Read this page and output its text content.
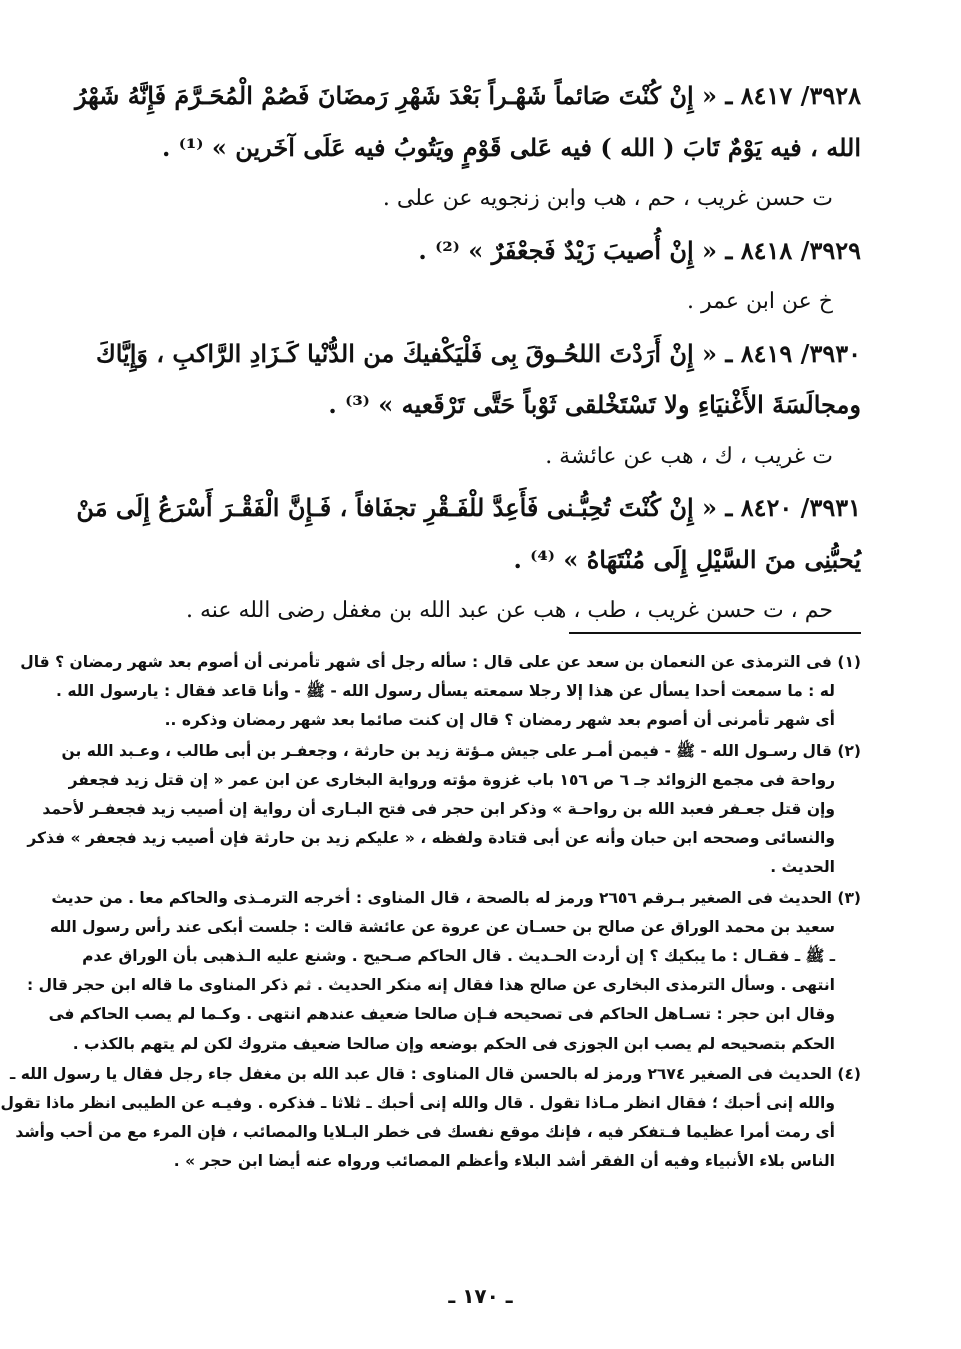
٣٩٢٨/ ٨٤١٧ ـ « إِنْ كُنْتَ صَائماً شَهْـراً بَعْدَ شَهْرِ رَمضَانَ فَصُمْ الْمُحَـرَّمَ فَإِنَّهُ شَهْرُ
الله ، فيه يَوْمٌ تَابَ ( الله ) فيه عَلى قَوْمٍ ويَتُوبُ فيه عَلَى آخَرين » ⁽¹⁾ .
ت حسن غريب ، حم ، هب وابن زنجويه عن على .
٣٩٢٩/ ٨٤١٨ ـ « إِنْ أُصيبَ زَيْدٌ فَجعْفَرٌ » ⁽²⁾ .
خ عن ابن عمر .
٣٩٣٠/ ٨٤١٩ ـ « إِنْ أَرَدْتَ اللحُـوقَ بِى فَلْيَكْفيكَ من الدُّنْيا كَـزَادِ الرَّاكبِ ، وَإِيَّاكَ
ومجالَسَةَ الأَغْنيَاءِ ولا تَسْتَخْلقى ثَوْباً حَتَّى تَرْقَعيه » ⁽³⁾ .
ت غريب ، ك ، هب عن عائشة .
٣٩٣١/ ٨٤٢٠ ـ « إِنْ كُنْتَ تُحِبُّـنى فَأَعِدَّ للْفَـقْرِ تجفَافاً ، فَـإِنَّ الْفَقْـرَ أَسْرَعُ إِلَى مَنْ
يُحبُّنِى منَ السَّيْلِ إِلَى مُنْتَهَاهُ » ⁽⁴⁾ .
حم ، ت حسن غريب ، طب ، هب عن عبد الله بن مغفل رضى الله عنه .
(١) فى الترمذى عن النعمان بن سعد عن على قال : سأله رجل أى شهر تأمرنى أن أصوم بعد شهر رمضان ؟ قال
له : ما سمعت أحدا يسأل عن هذا إلا رجلا سمعته يسأل رسول الله - ﷺ - وأنا قاعد فقال : يارسول الله .
أى شهر تأمرنى أن أصوم بعد شهر رمضان ؟ قال إن كنت صائما بعد شهر رمضان وذكره ..
(٢) قال رسـول الله - ﷺ - فيمن أمـر على جيش مـؤتة زيد بن حارثة ، وجعفـر بن أبى طالب ، وعـبد الله بن
رواحة فى مجمع الزوائد جـ ٦ ص ١٥٦ باب غزوة مؤته ورواية البخارى عن ابن عمر « إن قتل زيد فجعفر
وإن قتل جعـفر فعبد الله بن رواحـة » وذكر ابن حجر فى فتح البـارى أن رواية إن أصيب زيد فجعفـر لأحمد
والنسائى وصححه ابن حبان وأنه عن أبى قتادة ولفظه ، « عليكم زيد بن حارثة فإن أصيب زيد فجعفر » فذكر
الحديث .
(٣) الحديث فى الصغير بـرقم ٢٦٥٦ ورمز له بالصحة ، قال المناوى : أخرجه الترمـذى والحاكم معا . من حديث
سعيد بن محمد الوراق عن صالح بن حسـان عن عروة عن عائشة قالت : جلست أبكى عند رأس رسول الله
ـ ﷺ ـ فقـال : ما يبكيك ؟ إن أردت الحـديث . قال الحاكم صـحيح . وشنع عليه الـذهبى بأن الوراق عدم
انتهى . وسأل الترمذى البخارى عن صالح هذا فقال إنه منكر الحديث . ثم ذكر المناوى ما قاله ابن حجر قال :
وقال ابن حجر : تسـاهل الحاكم فى تصحيحه فـإن صالحا ضعيف عندهم انتهى . وكـما لم يصب الحاكم فى
الحكم بتصحيحه لم يصب ابن الجوزى فى الحكم بوضعه وإن صالحا ضعيف متروك لكن لم يتهم بالكذب .
(٤) الحديث فى الصغير ٢٦٧٤ ورمز له بالحسن قال المناوى : قال عبد الله بن مغفل جاء رجل فقال يا رسول الله ـ
والله إنى أحبك ؛ فقال انظر مـاذا تقول . قال والله إنى أحبك ـ ثلاثا ـ فذكره . وفيـه عن الطيبى انظر ماذا تقول
أى رمت أمرا عظيما فـتفكر فيه ، فإنك موقع نفسك فى خطر البـلايا والمصائب ، فإن المرء مع من أحب وأشد
الناس بلاء الأنبياء وفيه أن الفقر أشد البلاء وأعظم المصائب ورواه عنه أيضا ابن حجر » .
ـ ١٧٠ ـ
